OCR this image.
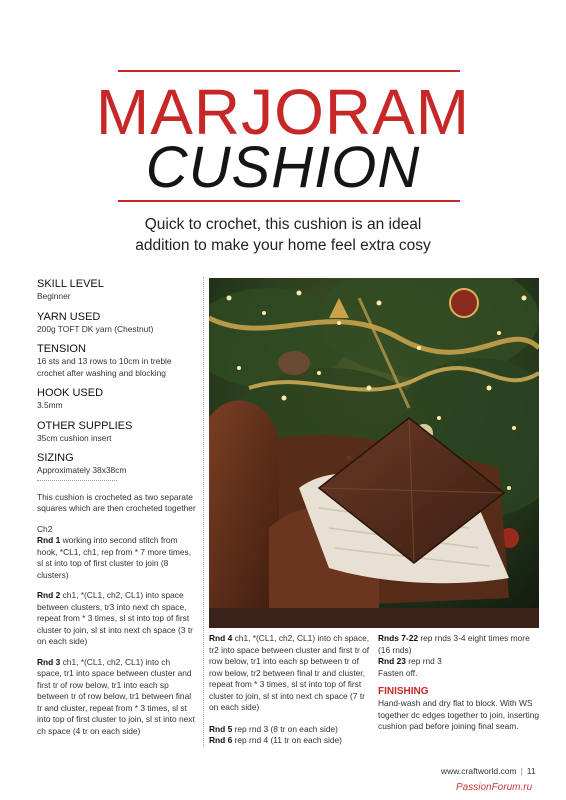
MARJORAM
CUSHION
Quick to crochet, this cushion is an ideal
addition to make your home feel extra cosy
SKILL LEVEL

Beginner

YARN USED

200g TOFT DK yarn (Chestnut)

TENSION

16 sts and 13 rows to 10cm in treble crochet after washing and blocking

HOOK USED

3.5mm

OTHER SUPPLIES

35cm cushion insert

SIZING

Approximately 38x38cm

This cushion is crocheted as two separate squares which are then crocheted together

Ch2
Rnd 1 working into second stitch from hook, *CL1, ch1, rep from * 7 more times, sl st into top of first cluster to join (8 clusters)

Rnd 2 ch1, *(CL1, ch2, CL1) into space between clusters, tr3 into next ch space, repeat from * 3 times, sl st into top of first cluster to join, sl st into next ch space (3 tr on each side)

Rnd 3 ch1, *(CL1, ch2, CL1) into ch space, tr1 into space between cluster and first tr of row below, tr1 into each sp between tr of row below, tr1 between final tr and cluster, repeat from * 3 times, sl st into top of first cluster to join, sl st into next ch space (4 tr on each side)

Rnd 4 ch1, *(CL1, ch2, CL1) into ch space, tr2 into space between cluster and first tr of row below, tr1 into each sp between tr of row below, tr2 between final tr and cluster, repeat from * 3 times, sl st into top of first cluster to join, sl st into next ch space (7 tr on each side)

Rnd 5 rep rnd 3 (8 tr on each side)
Rnd 6 rep rnd 4 (11 tr on each side)

Rnds 7-22 rep rnds 3-4 eight times more (16 rnds)
Rnd 23 rep rnd 3
Fasten off.

FINISHING

Hand-wash and dry flat to block. With WS together dc edges together to join, inserting cushion pad before joining final seam.

www.craftworld.com | 11
PassionForum.ru
